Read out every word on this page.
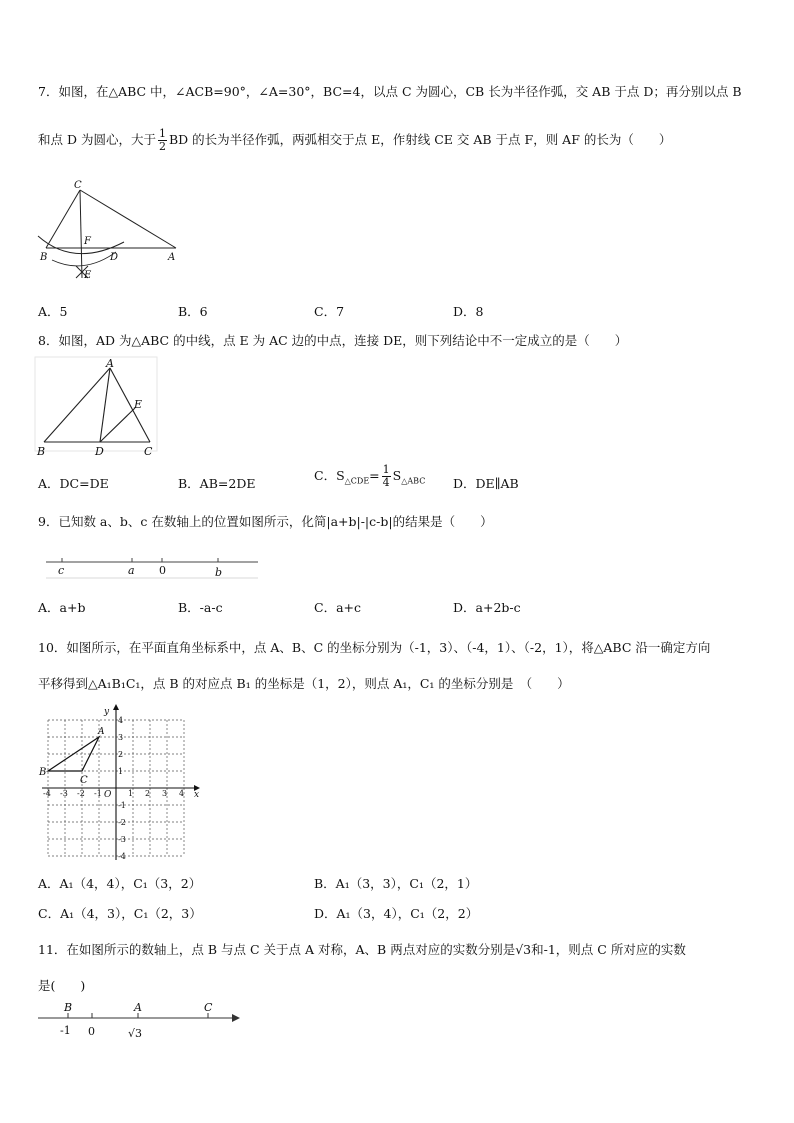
7．如图，在△ABC 中，∠ACB=90°，∠A=30°，BC=4，以点 C 为圆心，CB 长为半径作弧，交 AB 于点 D；再分别以点 B
和点 D 为圆心，大于 $\frac{1}{2}$ BD 的长为半径作弧，两弧相交于点 E，作射线 CE 交 AB 于点 F，则 AF 的长为（　　）
C
F
B	D	A
E
A．5	B．6	C．7	D．8
8．如图，AD 为△ABC 的中线，点 E 为 AC 边的中点，连接 DE，则下列结论中不一定成立的是（　　）
A
E
B	D	C
A．DC=DE	B．AB=2DE
C．$S_{\triangle CDE}= \frac{1}{4} S_{\triangle ABC}$ D．DE∥AB
9．已知数 a、b、c 在数轴上的位置如图所示，化简|a+b|-|c-b|的结果是（　　）
c	a 0	b
A．a+b	B．-a-c	C．a+c	D．a+2b-c
10．如图所示，在平面直角坐标系中，点 A、B、C 的坐标分别为（-1，3）、（-4，1）、（-2，1），将△ABC 沿一确定方向
平移得到△A₁B₁C₁，点 B 的对应点 B₁ 的坐标是（1，2），则点 A₁，C₁ 的坐标分别是　（　　）
-4 -3 -2 -1	1 2 3 4
4
3
2
1
-1
-2
-3
-4
O	x
y
A
B
C
A．A₁（4，4），C₁（3，2）	B．A₁（3，3），C₁（2，1）
C．A₁（4，3），C₁（2，3）	D．A₁（3，4），C₁（2，2）
11．在如图所示的数轴上，点 B 与点 C 关于点 A 对称，A、B 两点对应的实数分别是√3和-1，则点 C 所对应的实数
是(　　)
B	A	C
-1 0	√3
